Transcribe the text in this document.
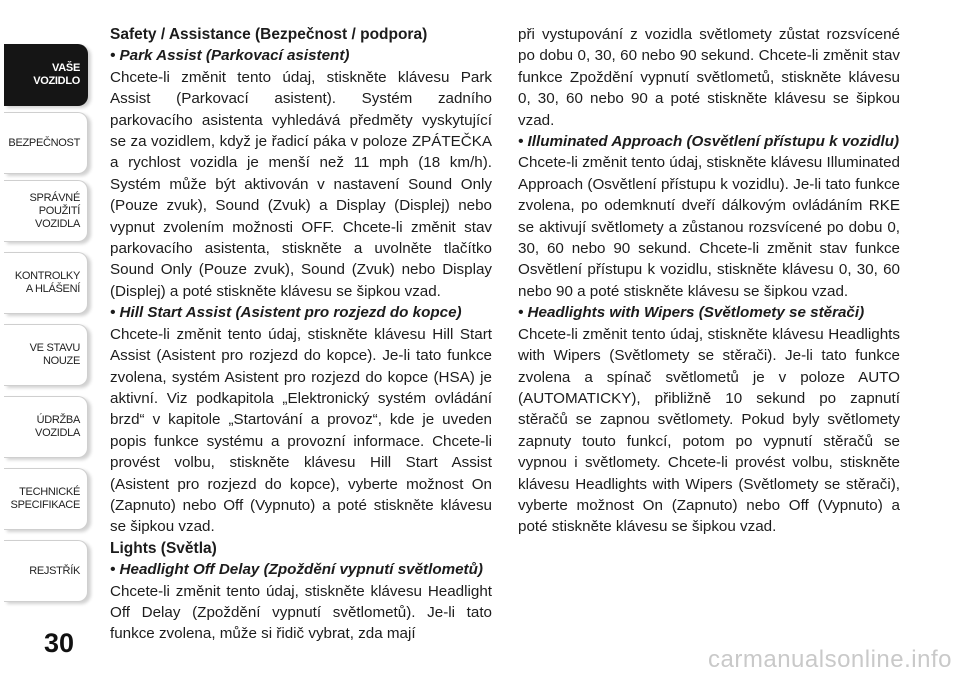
VAŠE
VOZIDLO
BEZPEČNOST
SPRÁVNÉ
POUŽITÍ
VOZIDLA
KONTROLKY
A HLÁŠENÍ
VE STAVU
NOUZE
ÚDRŽBA
VOZIDLA
TECHNICKÉ
SPECIFIKACE
REJSTŘÍK
30

Safety / Assistance (Bezpečnost / podpora)

• Park Assist (Parkovací asistent)

Chcete-li změnit tento údaj, stiskněte klávesu Park Assist (Parkovací asistent). Systém zadního parkovacího asistenta vyhledává předměty vyskytující se za vozidlem, když je řadicí páka v poloze ZPÁTEČKA a rychlost vozidla je menší než 11 mph (18 km/h). Systém může být aktivován v nastavení Sound Only (Pouze zvuk), Sound (Zvuk) a Display (Displej) nebo vypnut zvolením možnosti OFF. Chcete-li změnit stav parkovacího asistenta, stiskněte a uvolněte tlačítko Sound Only (Pouze zvuk), Sound (Zvuk) nebo Display (Displej) a poté stiskněte klávesu se šipkou vzad.

• Hill Start Assist (Asistent pro rozjezd do kopce)

Chcete-li změnit tento údaj, stiskněte klávesu Hill Start Assist (Asistent pro rozjezd do kopce). Je-li tato funkce zvolena, systém Asistent pro rozjezd do kopce (HSA) je aktivní. Viz podkapitola „Elektronický systém ovládání brzd“ v kapitole „Startování a provoz“, kde je uveden popis funkce systému a provozní informace. Chcete-li provést volbu, stiskněte klávesu Hill Start Assist (Asistent pro rozjezd do kopce), vyberte možnost On (Zapnuto) nebo Off (Vypnuto) a poté stiskněte klávesu se šipkou vzad.

Lights (Světla)

• Headlight Off Delay (Zpoždění vypnutí světlometů)

Chcete-li změnit tento údaj, stiskněte klávesu Headlight Off Delay (Zpoždění vypnutí světlometů). Je-li tato funkce zvolena, může si řidič vybrat, zda mají

při vystupování z vozidla světlomety zůstat rozsvícené po dobu 0, 30, 60 nebo 90 sekund. Chcete-li změnit stav funkce Zpoždění vypnutí světlometů, stiskněte klávesu 0, 30, 60 nebo 90 a poté stiskněte klávesu se šipkou vzad.

• Illuminated Approach (Osvětlení přístupu k vozidlu)

Chcete-li změnit tento údaj, stiskněte klávesu Illuminated Approach (Osvětlení přístupu k vozidlu). Je-li tato funkce zvolena, po odemknutí dveří dálkovým ovládáním RKE se aktivují světlomety a zůstanou rozsvícené po dobu 0, 30, 60 nebo 90 sekund. Chcete-li změnit stav funkce Osvětlení přístupu k vozidlu, stiskněte klávesu 0, 30, 60 nebo 90 a poté stiskněte klávesu se šipkou vzad.

• Headlights with Wipers (Světlomety se stěrači)

Chcete-li změnit tento údaj, stiskněte klávesu Headlights with Wipers (Světlomety se stěrači). Je-li tato funkce zvolena a spínač světlometů je v poloze AUTO (AUTOMATICKY), přibližně 10 sekund po zapnutí stěračů se zapnou světlomety. Pokud byly světlomety zapnuty touto funkcí, potom po vypnutí stěračů se vypnou i světlomety. Chcete-li provést volbu, stiskněte klávesu Headlights with Wipers (Světlomety se stěrači), vyberte možnost On (Zapnuto) nebo Off (Vypnuto) a poté stiskněte klávesu se šipkou vzad.

carmanualsonline.info
